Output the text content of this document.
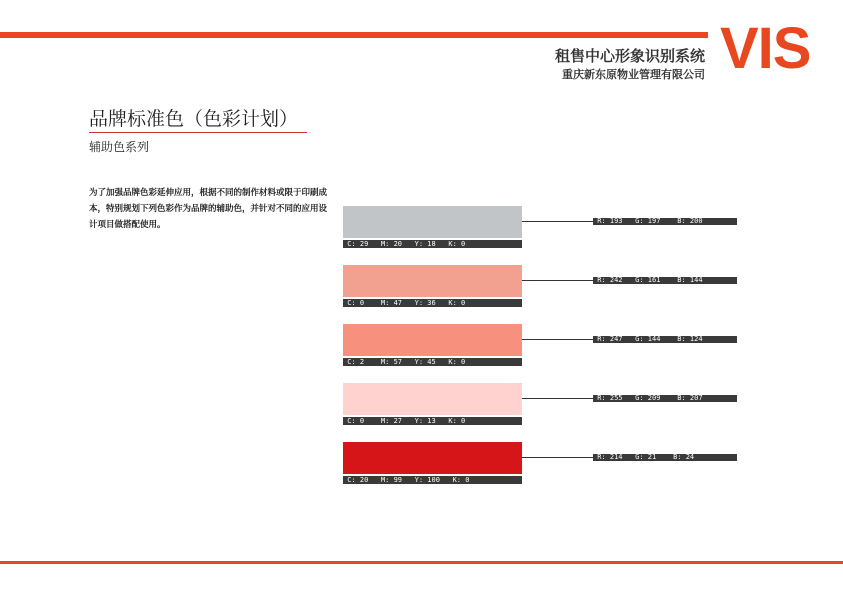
租售中心形象识别系统
重庆新东原物业管理有限公司 VIS
品牌标准色（色彩计划）
辅助色系列
为了加强品牌色彩延伸应用，根据不同的制作材料或限于印刷成本，特别规划下列色彩作为品牌的辅助色，并针对不同的应用设计项目做搭配使用。
C: 29   M: 20   Y: 18   K: 0
R: 193   G: 197    B: 200
C: 0    M: 47   Y: 36   K: 0
R: 242   G: 161    B: 144
C: 2    M: 57   Y: 45   K: 0
R: 247   G: 144    B: 124
C: 0    M: 27   Y: 13   K: 0
R: 255   G: 209    B: 207
C: 20   M: 99   Y: 100   K: 0
R: 214   G: 21    B: 24
